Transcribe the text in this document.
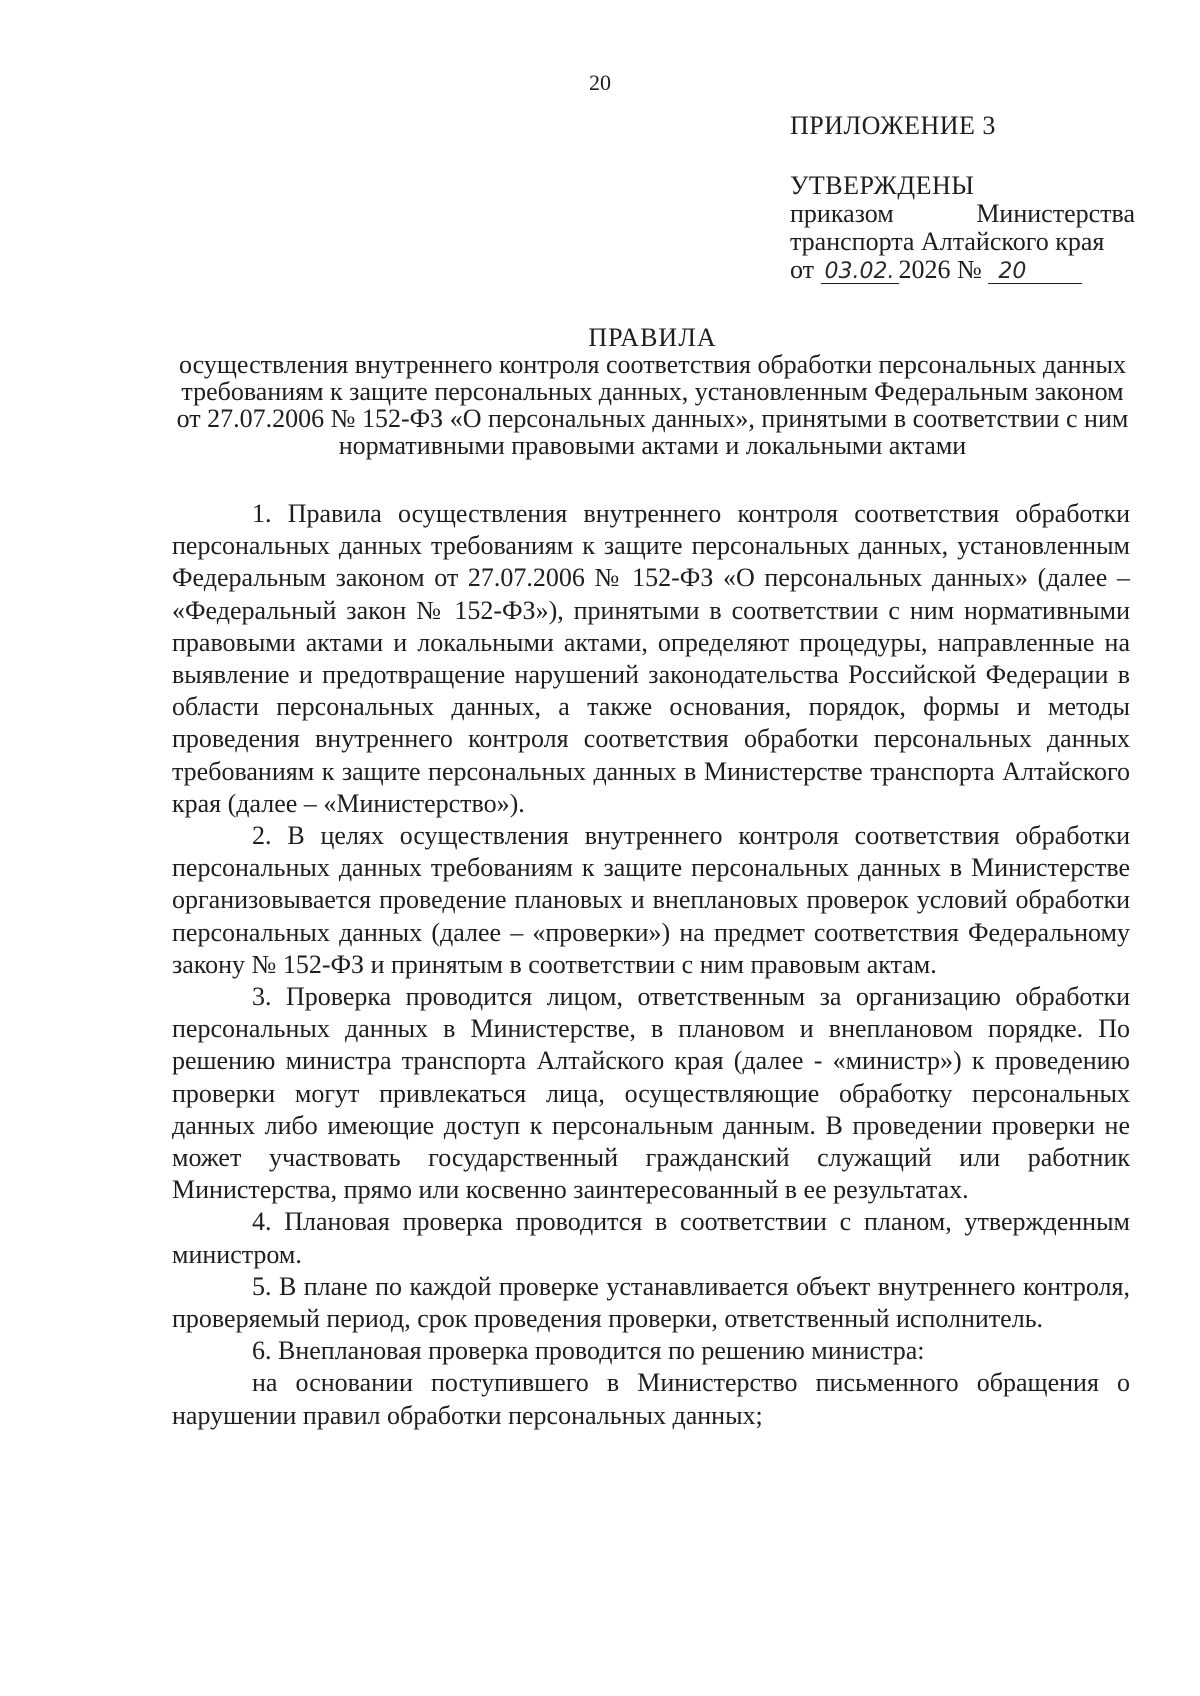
20
ПРИЛОЖЕНИЕ 3
УТВЕРЖДЕНЫ
приказом	Министерства
транспорта Алтайского края
от 03.02. 2026 № 20
ПРАВИЛА
осуществления внутреннего контроля соответствия обработки персональных данных требованиям к защите персональных данных, установленным Федеральным законом от 27.07.2006 № 152-ФЗ «О персональных данных», принятыми в соответствии с ним нормативными правовыми актами и локальными актами

1. Правила осуществления внутреннего контроля соответствия обработки персональных данных требованиям к защите персональных данных, установленным Федеральным законом от 27.07.2006 № 152-ФЗ «О персональных данных» (далее – «Федеральный закон № 152-ФЗ»), принятыми в соответствии с ним нормативными правовыми актами и локальными актами, определяют процедуры, направленные на выявление и предотвращение нарушений законодательства Российской Федерации в области персональных данных, а также основания, порядок, формы и методы проведения внутреннего контроля соответствия обработки персональных данных требованиям к защите персональных данных в Министерстве транспорта Алтайского края (далее – «Министерство»).

2. В целях осуществления внутреннего контроля соответствия обработки персональных данных требованиям к защите персональных данных в Министерстве организовывается проведение плановых и внеплановых проверок условий обработки персональных данных (далее – «проверки») на предмет соответствия Федеральному закону № 152-ФЗ и принятым в соответствии с ним правовым актам.

3. Проверка проводится лицом, ответственным за организацию обработки персональных данных в Министерстве, в плановом и внеплановом порядке. По решению министра транспорта Алтайского края (далее - «министр») к проведению проверки могут привлекаться лица, осуществляющие обработку персональных данных либо имеющие доступ к персональным данным. В проведении проверки не может участвовать государственный гражданский служащий или работник Министерства, прямо или косвенно заинтересованный в ее результатах.

4. Плановая проверка проводится в соответствии с планом, утвержденным министром.

5. В плане по каждой проверке устанавливается объект внутреннего контроля, проверяемый период, срок проведения проверки, ответственный исполнитель.

6. Внеплановая проверка проводится по решению министра:

на основании поступившего в Министерство письменного обращения о нарушении правил обработки персональных данных;
